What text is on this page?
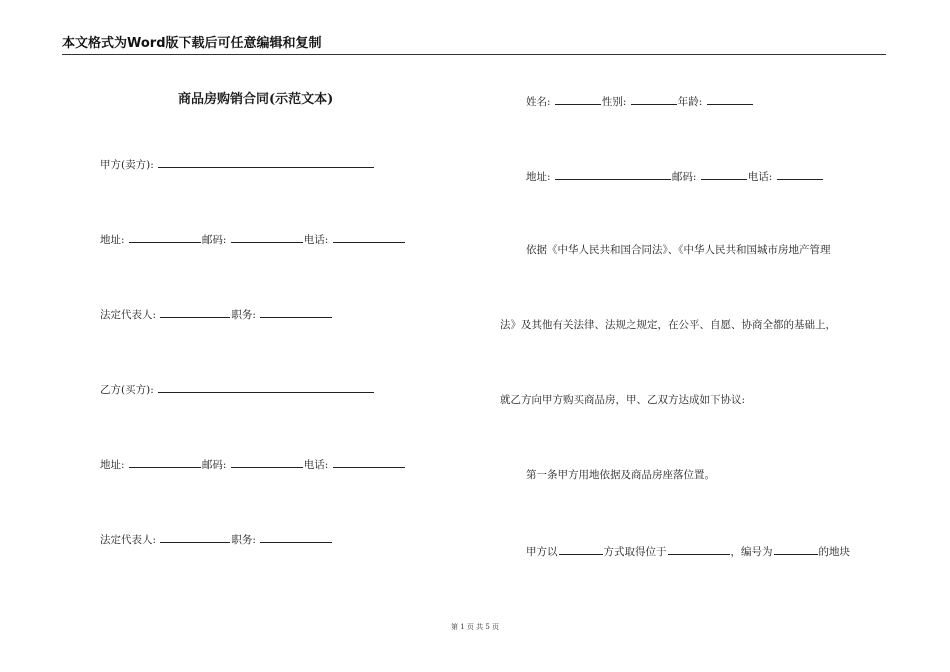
本文格式为Word版下载后可任意编辑和复制
商品房购销合同(示范文本)
甲方(卖方):
地址:	邮码:	电话:
法定代表人:	职务:
乙方(买方):
地址:	邮码:	电话:
法定代表人:	职务:
姓名:	性别:	年龄:
地址:	邮码:	电话:
依据《中华人民共和国合同法》、《中华人民共和国城市房地产管理
法》及其他有关法律、法规之规定，在公平、自愿、协商全都的基础上，
就乙方向甲方购买商品房，甲、乙双方达成如下协议:
第一条甲方用地依据及商品房座落位置。
甲方以	方式取得位于	，编号为	的地块
第 1 页 共 5 页
